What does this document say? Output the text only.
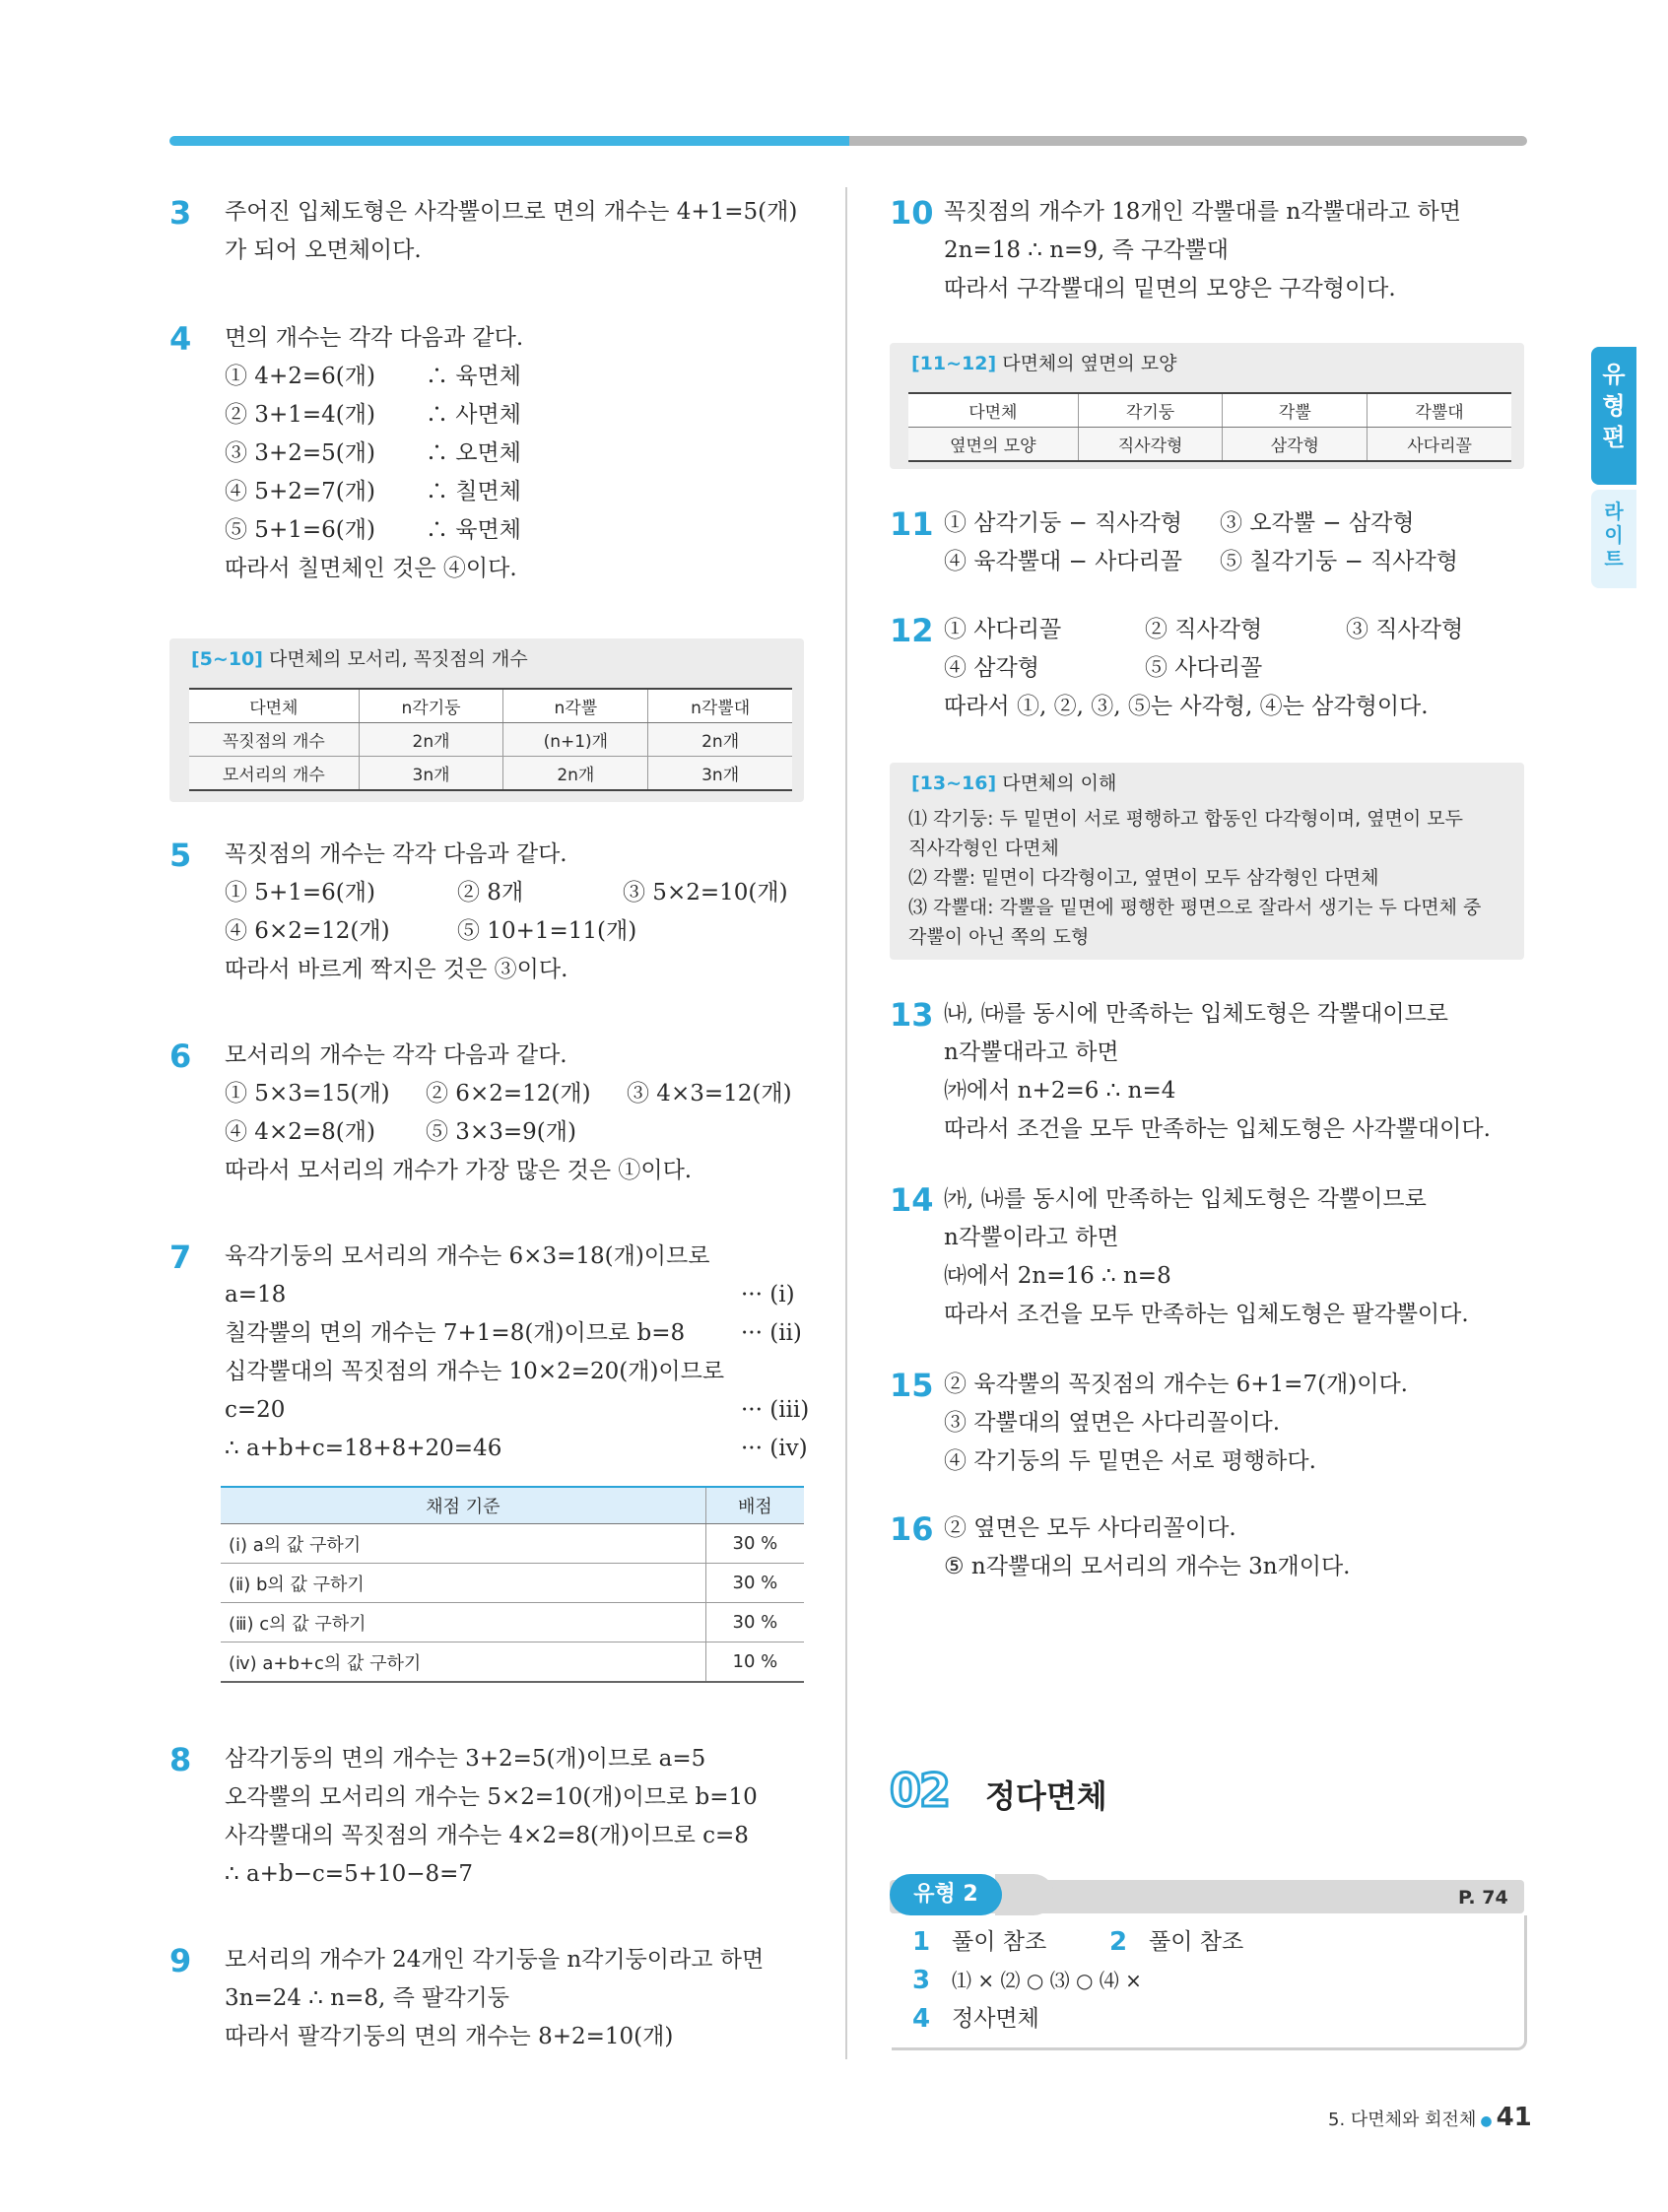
유형편
라이트
3 주어진 입체도형은 사각뿔이므로 면의 개수는 4+1=5(개)
가 되어 오면체이다.
4 면의 개수는 각각 다음과 같다.
① 4+2=6(개) ∴ 육면체
② 3+1=4(개) ∴ 사면체
③ 3+2=5(개) ∴ 오면체
④ 5+2=7(개) ∴ 칠면체
⑤ 5+1=6(개) ∴ 육면체
따라서 칠면체인 것은 ④이다.
[5~10] 다면체의 모서리, 꼭짓점의 개수
다면체	n각기둥	n각뿔	n각뿔대
꼭짓점의 개수	2n개	(n+1)개	2n개
모서리의 개수	3n개	2n개	3n개
5 꼭짓점의 개수는 각각 다음과 같다.
① 5+1=6(개)	② 8개	③ 5×2=10(개)
④ 6×2=12(개)	⑤ 10+1=11(개)
따라서 바르게 짝지은 것은 ③이다.
6 모서리의 개수는 각각 다음과 같다.
① 5×3=15(개) ② 6×2=12(개) ③ 4×3=12(개)
④ 4×2=8(개) ⑤ 3×3=9(개)
따라서 모서리의 개수가 가장 많은 것은 ①이다.
7 육각기둥의 모서리의 개수는 6×3=18(개)이므로
a=18	··· (ⅰ)
칠각뿔의 면의 개수는 7+1=8(개)이므로 b=8 ··· (ⅱ)
십각뿔대의 꼭짓점의 개수는 10×2=20(개)이므로
c=20	··· (ⅲ)
∴ a+b+c=18+8+20=46	··· (ⅳ)
채점 기준	배점
(ⅰ) a의 값 구하기	30 %
(ⅱ) b의 값 구하기	30 %
(ⅲ) c의 값 구하기	30 %
(ⅳ) a+b+c의 값 구하기	10 %
8 삼각기둥의 면의 개수는 3+2=5(개)이므로 a=5
오각뿔의 모서리의 개수는 5×2=10(개)이므로 b=10
사각뿔대의 꼭짓점의 개수는 4×2=8(개)이므로 c=8
∴ a+b−c=5+10−8=7
9 모서리의 개수가 24개인 각기둥을 n각기둥이라고 하면
3n=24 ∴ n=8, 즉 팔각기둥
따라서 팔각기둥의 면의 개수는 8+2=10(개)
10 꼭짓점의 개수가 18개인 각뿔대를 n각뿔대라고 하면
2n=18 ∴ n=9, 즉 구각뿔대
따라서 구각뿔대의 밑면의 모양은 구각형이다.
[11~12] 다면체의 옆면의 모양
다면체	각기둥	각뿔	각뿔대
옆면의 모양	직사각형	삼각형	사다리꼴
11 ① 삼각기둥 − 직사각형 ③ 오각뿔 − 삼각형
④ 육각뿔대 − 사다리꼴 ⑤ 칠각기둥 − 직사각형
12 ① 사다리꼴	② 직사각형	③ 직사각형
④ 삼각형	⑤ 사다리꼴
따라서 ①, ②, ③, ⑤는 사각형, ④는 삼각형이다.
[13~16] 다면체의 이해
⑴ 각기둥: 두 밑면이 서로 평행하고 합동인 다각형이며, 옆면이 모두
직사각형인 다면체
⑵ 각뿔: 밑면이 다각형이고, 옆면이 모두 삼각형인 다면체
⑶ 각뿔대: 각뿔을 밑면에 평행한 평면으로 잘라서 생기는 두 다면체 중
각뿔이 아닌 쪽의 도형
13 ㈏, ㈐를 동시에 만족하는 입체도형은 각뿔대이므로
n각뿔대라고 하면
㈎에서 n+2=6 ∴ n=4
따라서 조건을 모두 만족하는 입체도형은 사각뿔대이다.
14 ㈎, ㈏를 동시에 만족하는 입체도형은 각뿔이므로
n각뿔이라고 하면
㈐에서 2n=16 ∴ n=8
따라서 조건을 모두 만족하는 입체도형은 팔각뿔이다.
15 ② 육각뿔의 꼭짓점의 개수는 6+1=7(개)이다.
③ 각뿔대의 옆면은 사다리꼴이다.
④ 각기둥의 두 밑면은 서로 평행하다.
16 ② 옆면은 모두 사다리꼴이다.
⑤ n각뿔대의 모서리의 개수는 3n개이다.
02 정다면체
유형 2	P. 74
1 풀이 참조 2 풀이 참조
3 ⑴ × ⑵ ○ ⑶ ○ ⑷ ×
4 정사면체
5. 다면체와 회전체 ● 41
